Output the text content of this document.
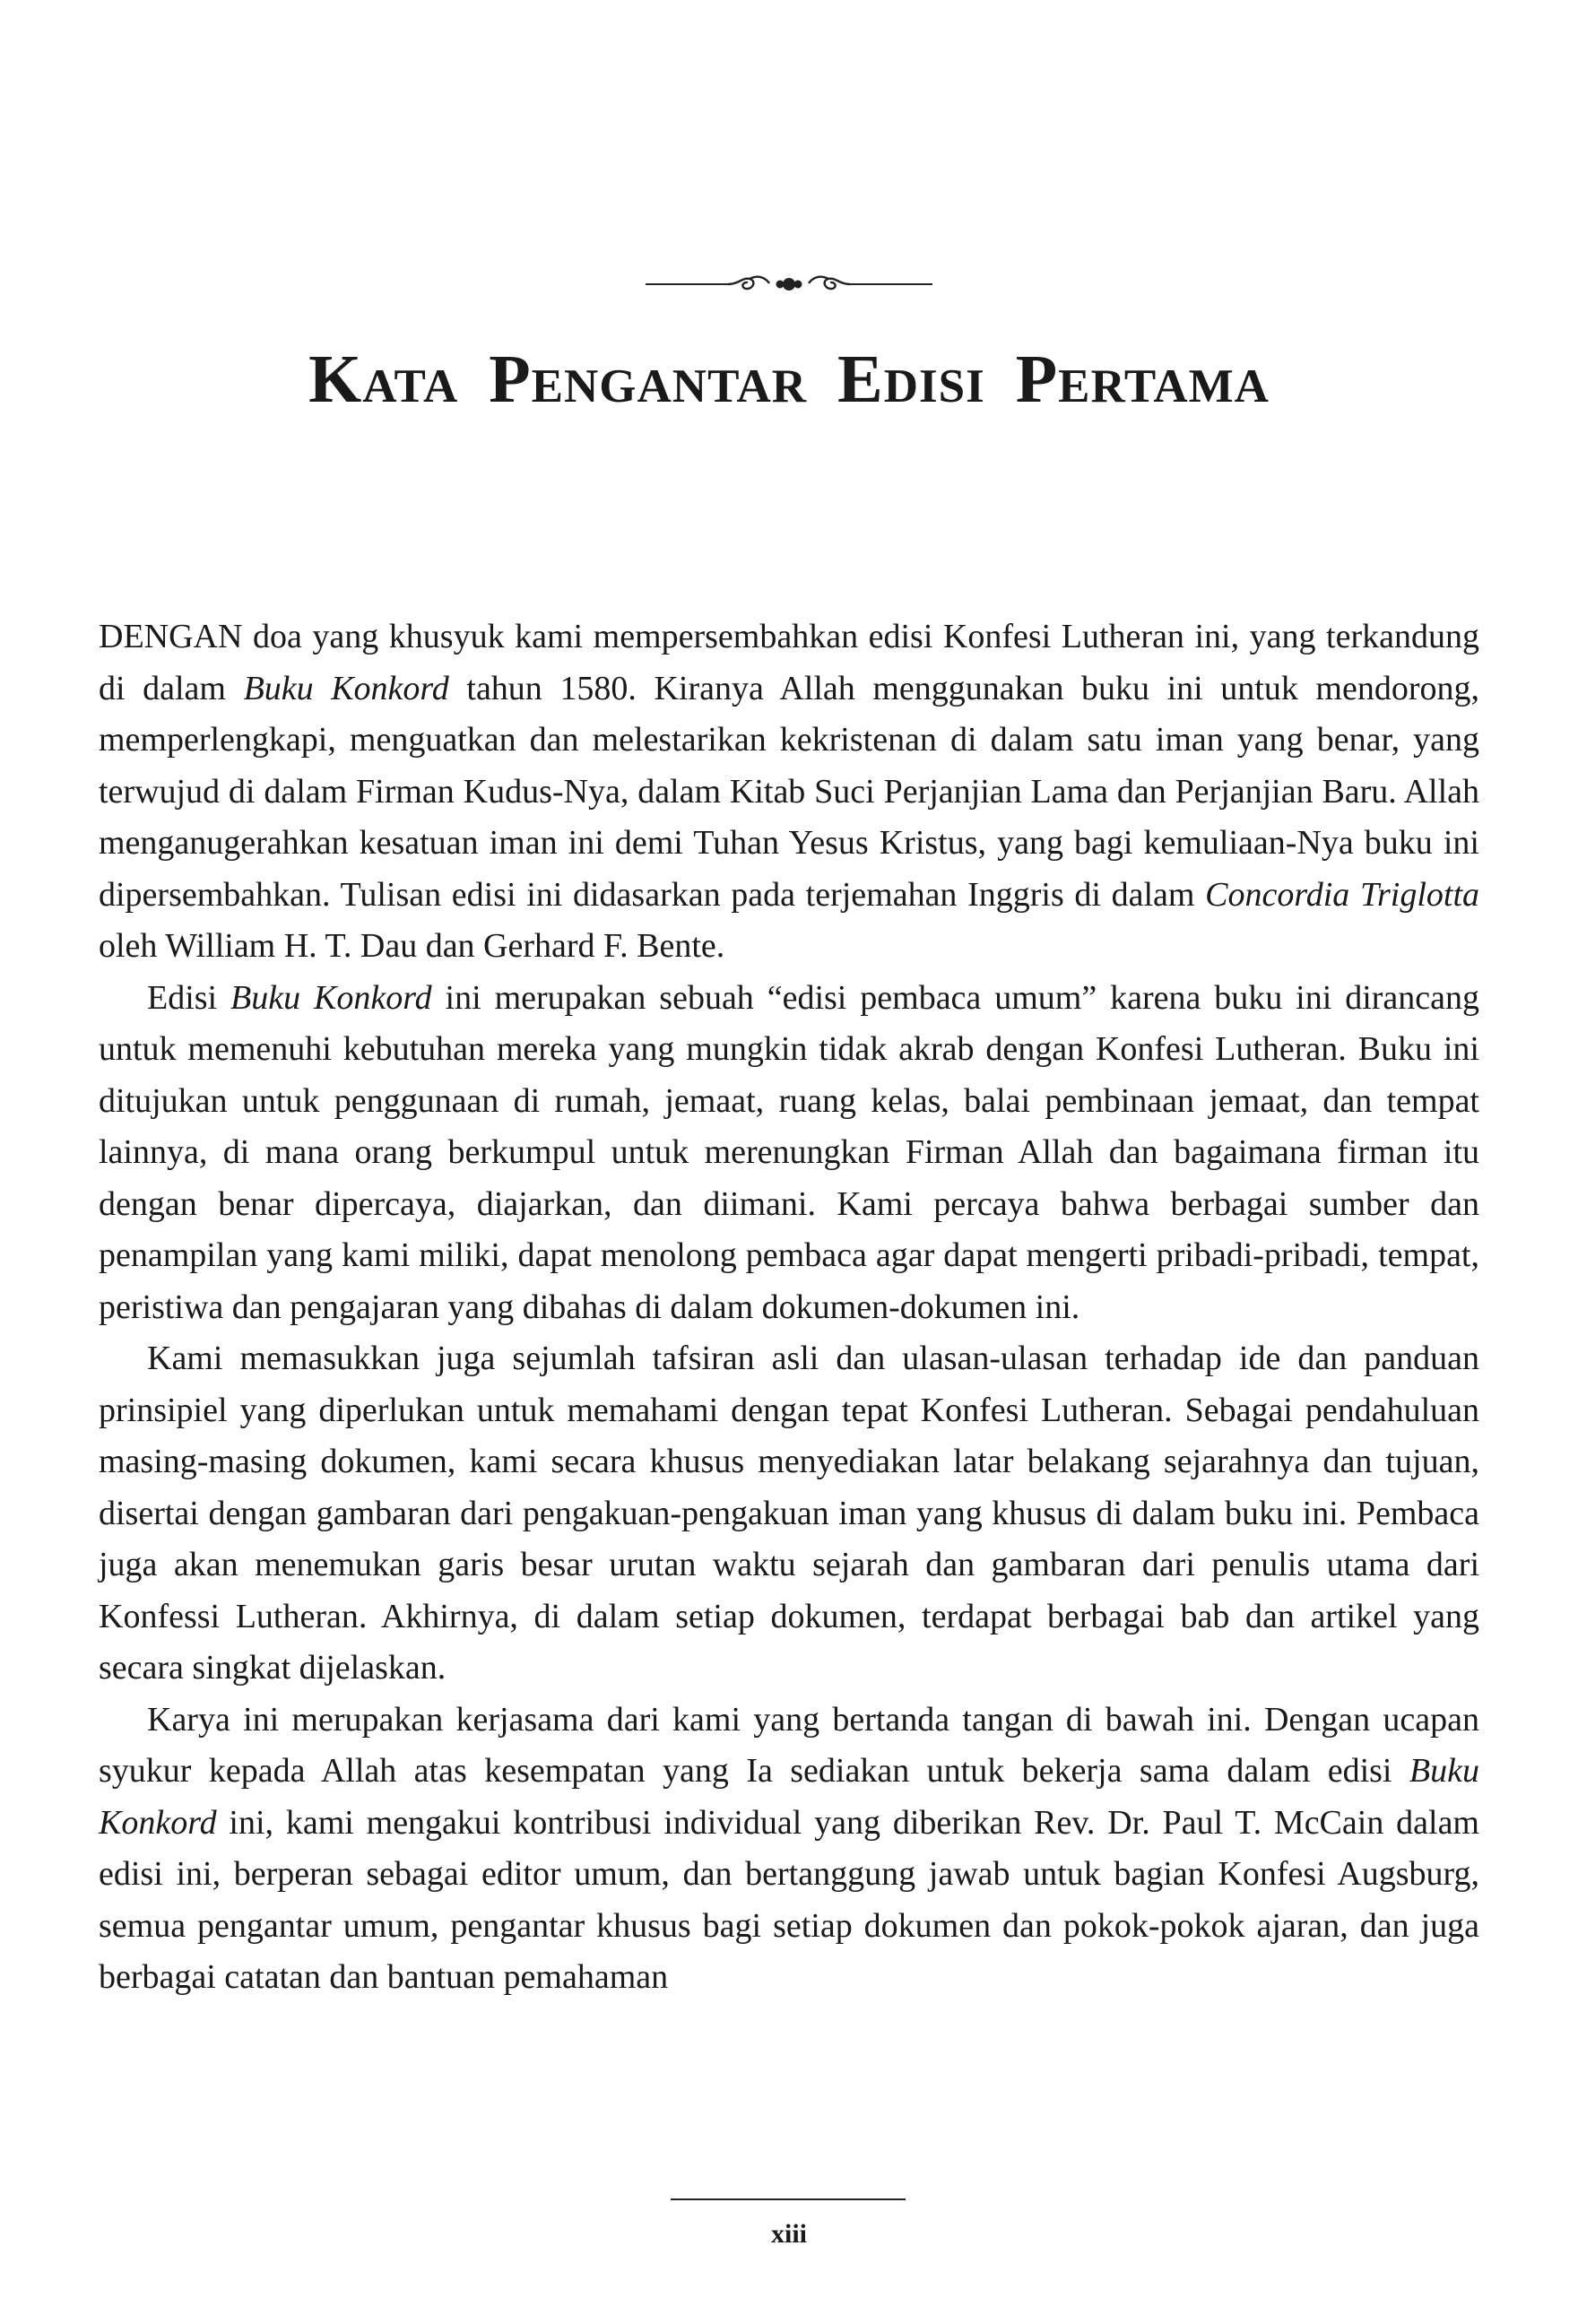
Kata Pengantar Edisi Pertama

DENGAN doa yang khusyuk kami mempersembahkan edisi Konfesi Lutheran ini, yang terkandung di dalam Buku Konkord tahun 1580. Kiranya Allah menggunakan buku ini untuk mendorong, memperlengkapi, menguatkan dan melestarikan kekristenan di dalam satu iman yang benar, yang terwujud di dalam Firman Kudus-Nya, dalam Kitab Suci Perjanjian Lama dan Perjanjian Baru. Allah menganugerahkan kesatuan iman ini demi Tuhan Yesus Kristus, yang bagi kemuliaan-Nya buku ini dipersembahkan. Tulisan edisi ini didasarkan pada terjemahan Inggris di dalam Concordia Triglotta oleh William H. T. Dau dan Gerhard F. Bente.

Edisi Buku Konkord ini merupakan sebuah “edisi pembaca umum” karena buku ini dirancang untuk memenuhi kebutuhan mereka yang mungkin tidak akrab dengan Konfesi Lutheran. Buku ini ditujukan untuk penggunaan di rumah, jemaat, ruang kelas, balai pembinaan jemaat, dan tempat lainnya, di mana orang berkumpul untuk merenungkan Firman Allah dan bagaimana firman itu dengan benar dipercaya, diajarkan, dan diimani. Kami percaya bahwa berbagai sumber dan penampilan yang kami miliki, dapat menolong pembaca agar dapat mengerti pribadi-pribadi, tempat, peristiwa dan pengajaran yang dibahas di dalam dokumen-dokumen ini.

Kami memasukkan juga sejumlah tafsiran asli dan ulasan-ulasan terhadap ide dan panduan prinsipiel yang diperlukan untuk memahami dengan tepat Konfesi Lutheran. Sebagai pendahuluan masing-masing dokumen, kami secara khusus menyediakan latar belakang sejarahnya dan tujuan, disertai dengan gambaran dari pengakuan-pengakuan iman yang khusus di dalam buku ini. Pembaca juga akan menemukan garis besar urutan waktu sejarah dan gambaran dari penulis utama dari Konfessi Lutheran. Akhirnya, di dalam setiap dokumen, terdapat berbagai bab dan artikel yang secara singkat dijelaskan.

Karya ini merupakan kerjasama dari kami yang bertanda tangan di bawah ini. Dengan ucapan syukur kepada Allah atas kesempatan yang Ia sediakan untuk bekerja sama dalam edisi Buku Konkord ini, kami mengakui kontribusi individual yang diberikan Rev. Dr. Paul T. McCain dalam edisi ini, berperan sebagai editor umum, dan bertanggung jawab untuk bagian Konfesi Augsburg, semua pengantar umum, pengantar khusus bagi setiap dokumen dan pokok-pokok ajaran, dan juga berbagai catatan dan bantuan pemahaman

xiii
